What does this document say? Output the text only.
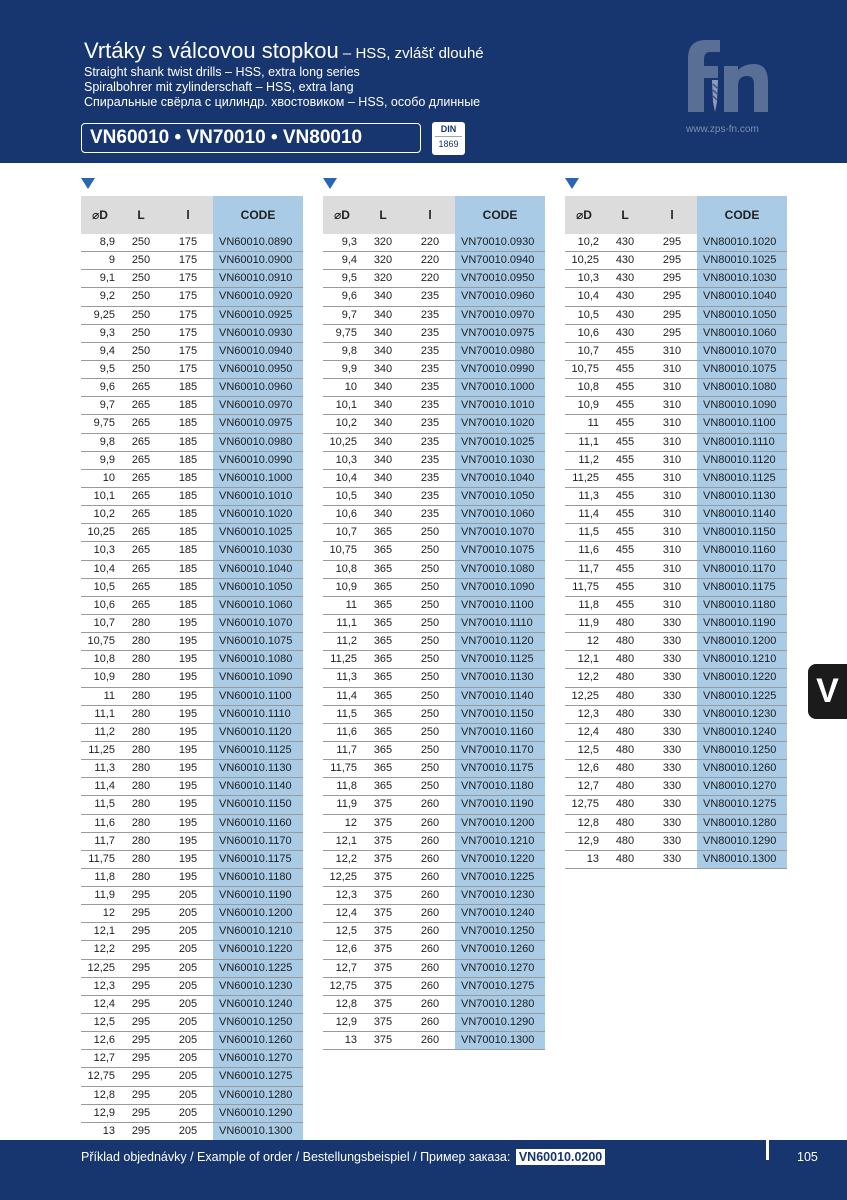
Vrtáky s válcovou stopkou – HSS, zvlášť dlouhé
Straight shank twist drills – HSS, extra long series
Spiralbohrer mit zylinderschaft – HSS, extra lang
Спиральные свёрла с цилиндр. хвостовиком – HSS, особо длинные
VN60010 • VN70010 • VN80010	DIN
1869
fn
www.zps-fn.com
⌀D	L	l	CODE
8,9	250	175	VN60010.0890
9	250	175	VN60010.0900
9,1	250	175	VN60010.0910
9,2	250	175	VN60010.0920
9,25	250	175	VN60010.0925
9,3	250	175	VN60010.0930
9,4	250	175	VN60010.0940
9,5	250	175	VN60010.0950
9,6	265	185	VN60010.0960
9,7	265	185	VN60010.0970
9,75	265	185	VN60010.0975
9,8	265	185	VN60010.0980
9,9	265	185	VN60010.0990
10	265	185	VN60010.1000
10,1	265	185	VN60010.1010
10,2	265	185	VN60010.1020
10,25	265	185	VN60010.1025
10,3	265	185	VN60010.1030
10,4	265	185	VN60010.1040
10,5	265	185	VN60010.1050
10,6	265	185	VN60010.1060
10,7	280	195	VN60010.1070
10,75	280	195	VN60010.1075
10,8	280	195	VN60010.1080
10,9	280	195	VN60010.1090
11	280	195	VN60010.1100
11,1	280	195	VN60010.1110
11,2	280	195	VN60010.1120
11,25	280	195	VN60010.1125
11,3	280	195	VN60010.1130
11,4	280	195	VN60010.1140
11,5	280	195	VN60010.1150
11,6	280	195	VN60010.1160
11,7	280	195	VN60010.1170
11,75	280	195	VN60010.1175
11,8	280	195	VN60010.1180
11,9	295	205	VN60010.1190
12	295	205	VN60010.1200
12,1	295	205	VN60010.1210
12,2	295	205	VN60010.1220
12,25	295	205	VN60010.1225
12,3	295	205	VN60010.1230
12,4	295	205	VN60010.1240
12,5	295	205	VN60010.1250
12,6	295	205	VN60010.1260
12,7	295	205	VN60010.1270
12,75	295	205	VN60010.1275
12,8	295	205	VN60010.1280
12,9	295	205	VN60010.1290
13	295	205	VN60010.1300
⌀D	L	l	CODE
9,3	320	220	VN70010.0930
9,4	320	220	VN70010.0940
9,5	320	220	VN70010.0950
9,6	340	235	VN70010.0960
9,7	340	235	VN70010.0970
9,75	340	235	VN70010.0975
9,8	340	235	VN70010.0980
9,9	340	235	VN70010.0990
10	340	235	VN70010.1000
10,1	340	235	VN70010.1010
10,2	340	235	VN70010.1020
10,25	340	235	VN70010.1025
10,3	340	235	VN70010.1030
10,4	340	235	VN70010.1040
10,5	340	235	VN70010.1050
10,6	340	235	VN70010.1060
10,7	365	250	VN70010.1070
10,75	365	250	VN70010.1075
10,8	365	250	VN70010.1080
10,9	365	250	VN70010.1090
11	365	250	VN70010.1100
11,1	365	250	VN70010.1110
11,2	365	250	VN70010.1120
11,25	365	250	VN70010.1125
11,3	365	250	VN70010.1130
11,4	365	250	VN70010.1140
11,5	365	250	VN70010.1150
11,6	365	250	VN70010.1160
11,7	365	250	VN70010.1170
11,75	365	250	VN70010.1175
11,8	365	250	VN70010.1180
11,9	375	260	VN70010.1190
12	375	260	VN70010.1200
12,1	375	260	VN70010.1210
12,2	375	260	VN70010.1220
12,25	375	260	VN70010.1225
12,3	375	260	VN70010.1230
12,4	375	260	VN70010.1240
12,5	375	260	VN70010.1250
12,6	375	260	VN70010.1260
12,7	375	260	VN70010.1270
12,75	375	260	VN70010.1275
12,8	375	260	VN70010.1280
12,9	375	260	VN70010.1290
13	375	260	VN70010.1300
⌀D	L	l	CODE
10,2	430	295	VN80010.1020
10,25	430	295	VN80010.1025
10,3	430	295	VN80010.1030
10,4	430	295	VN80010.1040
10,5	430	295	VN80010.1050
10,6	430	295	VN80010.1060
10,7	455	310	VN80010.1070
10,75	455	310	VN80010.1075
10,8	455	310	VN80010.1080
10,9	455	310	VN80010.1090
11	455	310	VN80010.1100
11,1	455	310	VN80010.1110
11,2	455	310	VN80010.1120
11,25	455	310	VN80010.1125
11,3	455	310	VN80010.1130
11,4	455	310	VN80010.1140
11,5	455	310	VN80010.1150
11,6	455	310	VN80010.1160
11,7	455	310	VN80010.1170
11,75	455	310	VN80010.1175
11,8	455	310	VN80010.1180
11,9	480	330	VN80010.1190
12	480	330	VN80010.1200
12,1	480	330	VN80010.1210
12,2	480	330	VN80010.1220
12,25	480	330	VN80010.1225
12,3	480	330	VN80010.1230
12,4	480	330	VN80010.1240
12,5	480	330	VN80010.1250
12,6	480	330	VN80010.1260
12,7	480	330	VN80010.1270
12,75	480	330	VN80010.1275
12,8	480	330	VN80010.1280
12,9	480	330	VN80010.1290
13	480	330	VN80010.1300
V
Příklad objednávky / Example of order / Bestellungsbeispiel / Пример заказа: VN60010.0200	105
